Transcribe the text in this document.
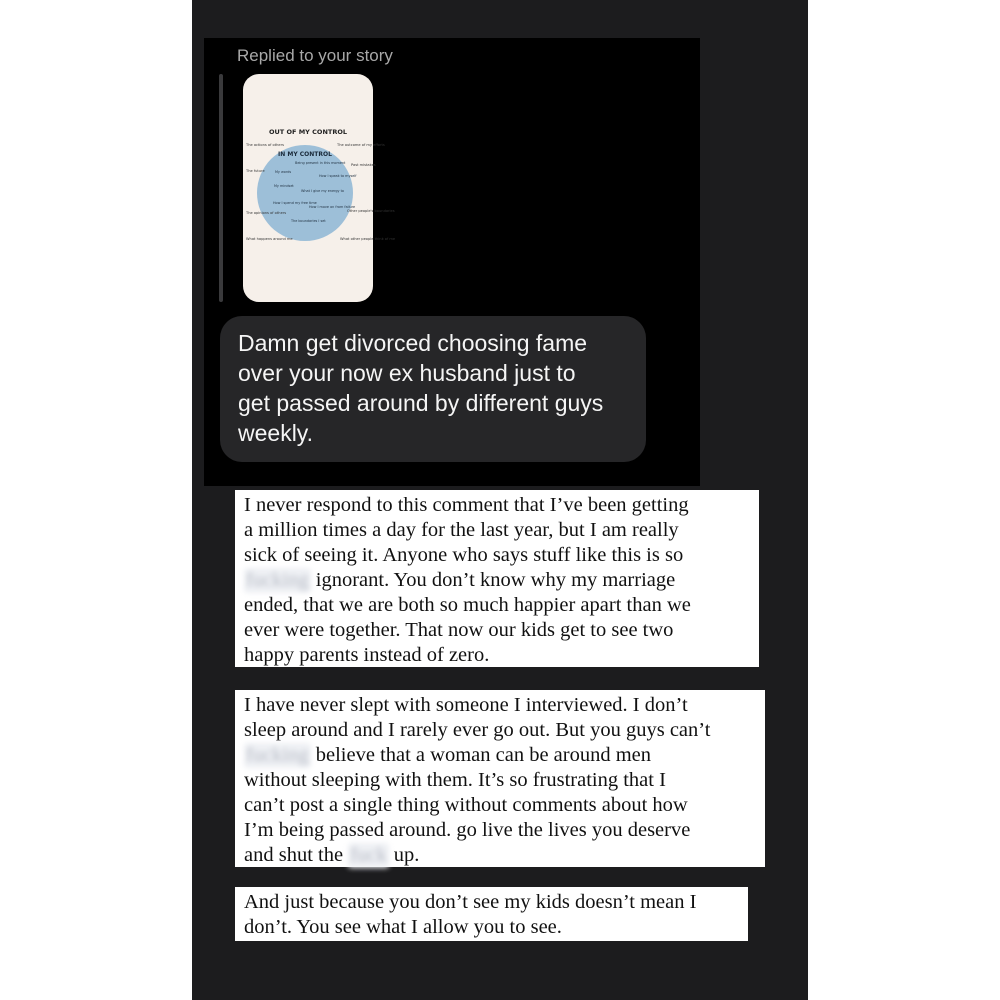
Replied to your story
OUT OF MY CONTROL
IN MY CONTROL
The actions of others	The outcome of my efforts
The future
Past mistakes
The opinions of others	Other people's boundaries
What happens around me	What other people think of me
Being present in this moment
My words
How I speak to myself
My mindset
What I give my energy to
How I spend my free time
How I move on from failure
The boundaries I set
Damn get divorced choosing fame
over your now ex husband just to
get passed around by different guys
weekly.
I never respond to this comment that I’ve been getting
a million times a day for the last year, but I am really
sick of seeing it. Anyone who says stuff like this is so
fucking ignorant. You don’t know why my marriage
ended, that we are both so much happier apart than we
ever were together. That now our kids get to see two
happy parents instead of zero.
I have never slept with someone I interviewed. I don’t
sleep around and I rarely ever go out. But you guys can’t
fucking believe that a woman can be around men
without sleeping with them. It’s so frustrating that I
can’t post a single thing without comments about how
I’m being passed around. go live the lives you deserve
and shut the fuck up.
And just because you don’t see my kids doesn’t mean I
don’t. You see what I allow you to see.
